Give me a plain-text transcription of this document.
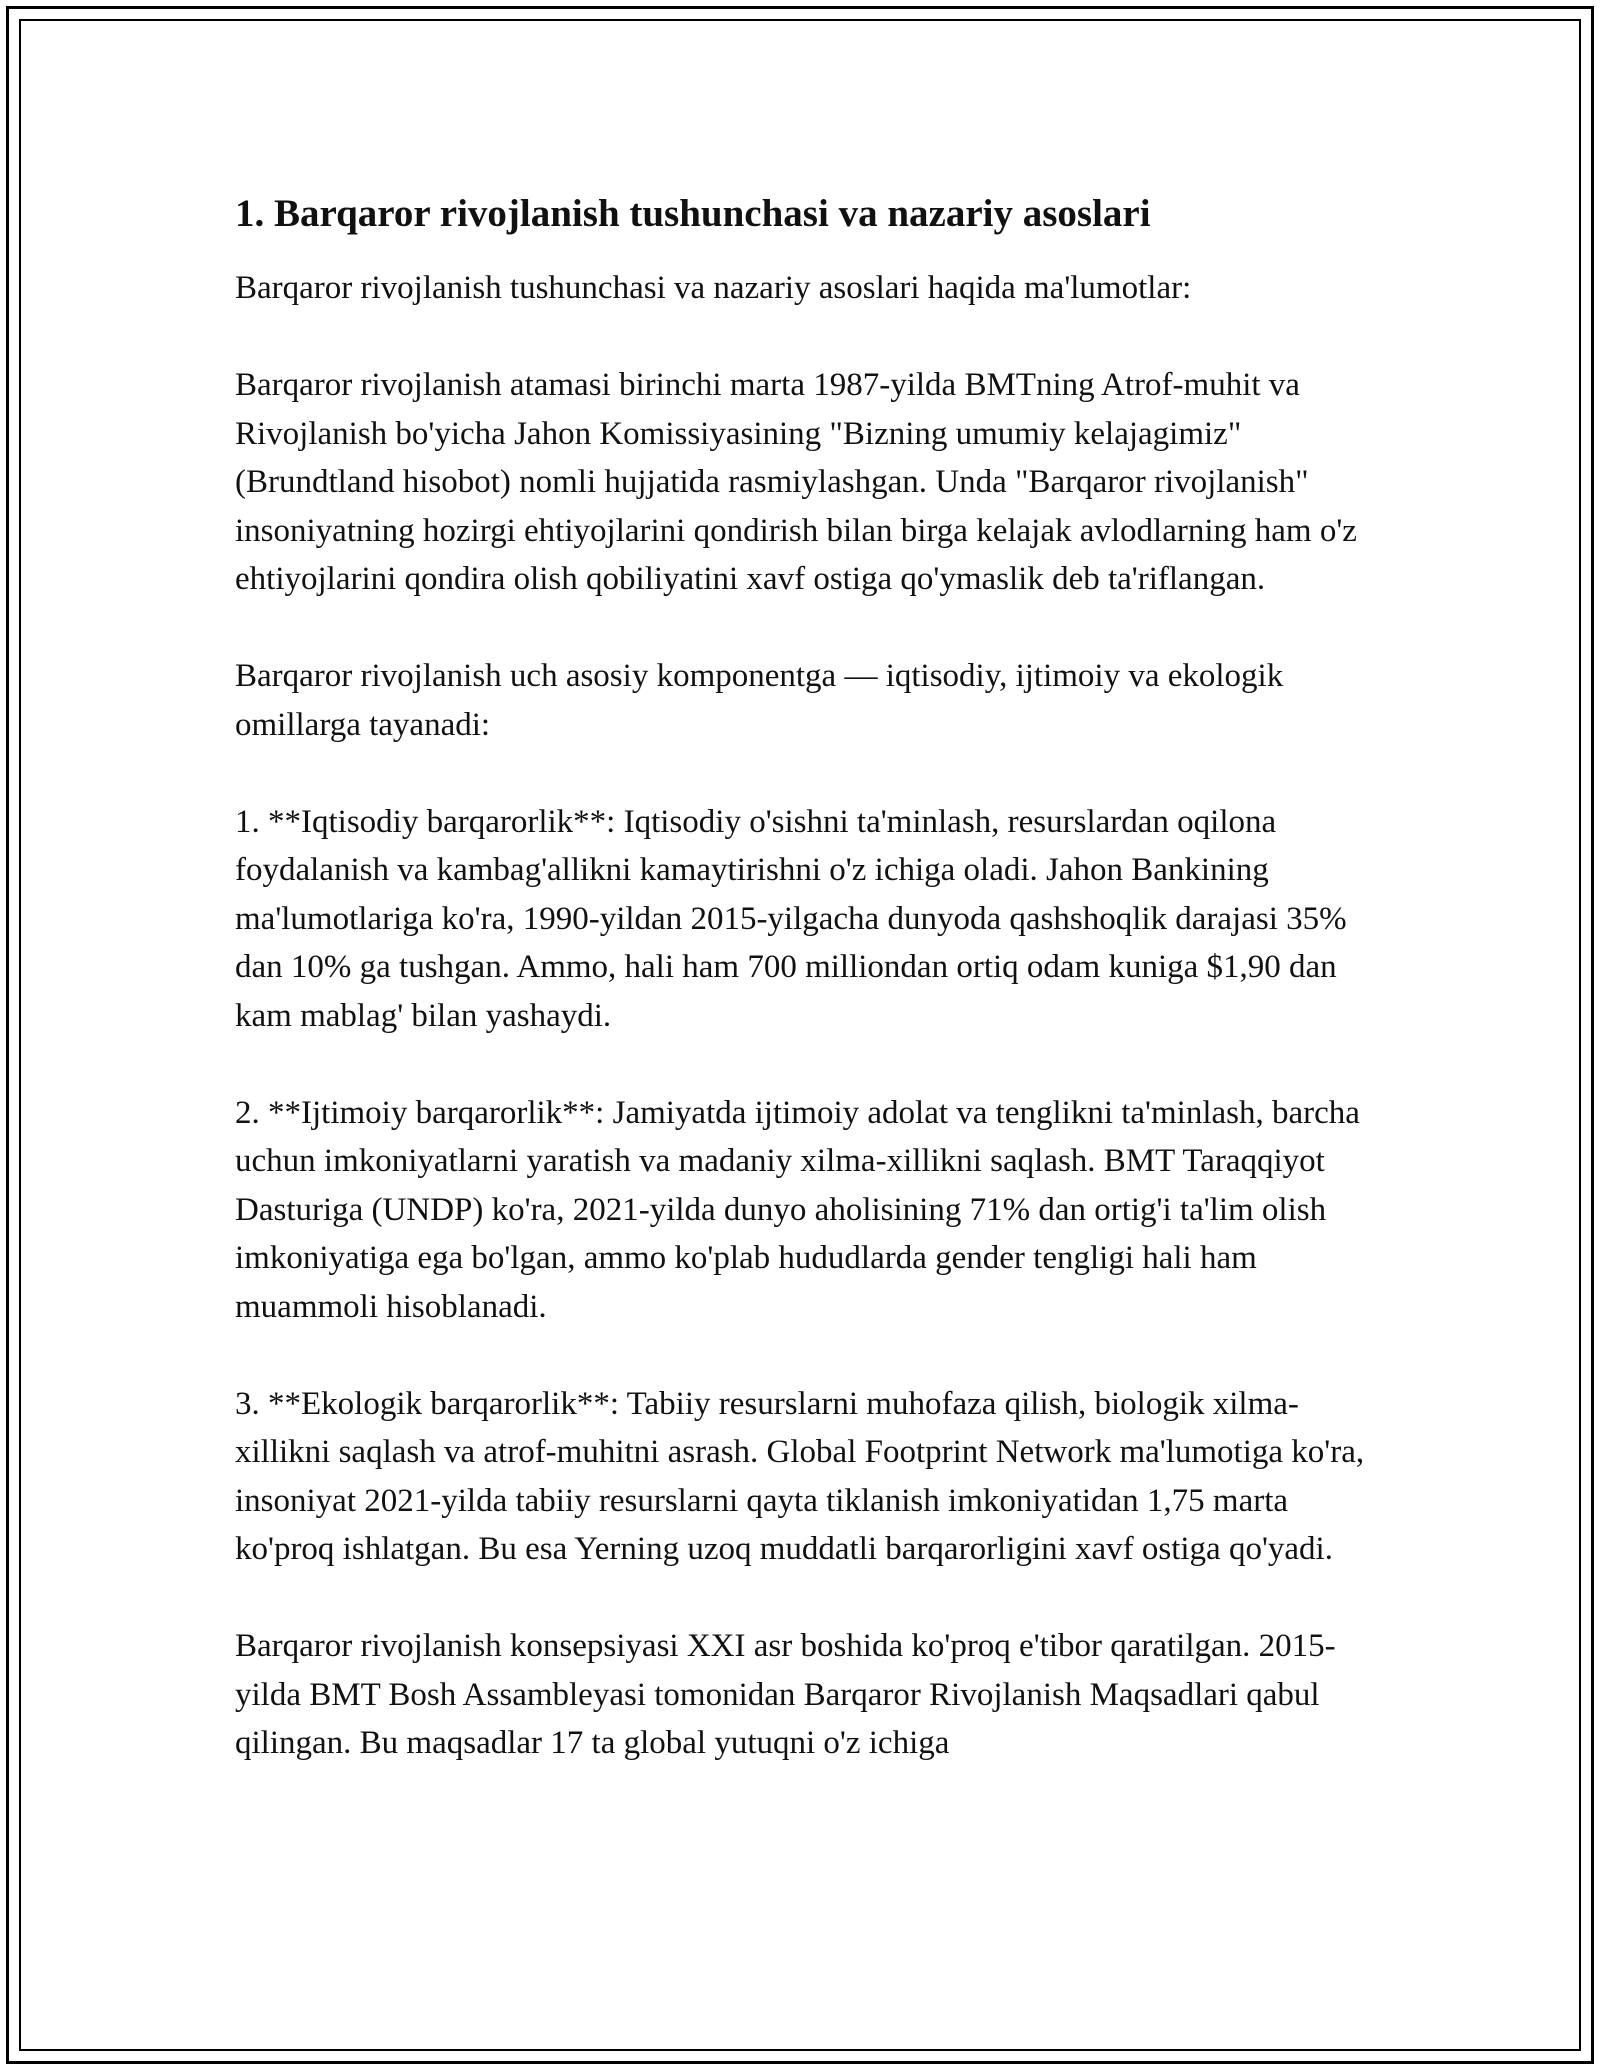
1. Barqaror rivojlanish tushunchasi va nazariy asoslari

Barqaror rivojlanish tushunchasi va nazariy asoslari haqida ma'lumotlar:

Barqaror rivojlanish atamasi birinchi marta 1987-yilda BMTning Atrof-muhit va Rivojlanish bo'yicha Jahon Komissiyasining "Bizning umumiy kelajagimiz" (Brundtland hisobot) nomli hujjatida rasmiylashgan. Unda "Barqaror rivojlanish" insoniyatning hozirgi ehtiyojlarini qondirish bilan birga kelajak avlodlarning ham o'z ehtiyojlarini qondira olish qobiliyatini xavf ostiga qo'ymaslik deb ta'riflangan.

Barqaror rivojlanish uch asosiy komponentga — iqtisodiy, ijtimoiy va ekologik omillarga tayanadi:

1. **Iqtisodiy barqarorlik**: Iqtisodiy o'sishni ta'minlash, resurslardan oqilona foydalanish va kambag'allikni kamaytirishni o'z ichiga oladi. Jahon Bankining ma'lumotlariga ko'ra, 1990-yildan 2015-yilgacha dunyoda qashshoqlik darajasi 35% dan 10% ga tushgan. Ammo, hali ham 700 milliondan ortiq odam kuniga $1,90 dan kam mablag' bilan yashaydi.

2. **Ijtimoiy barqarorlik**: Jamiyatda ijtimoiy adolat va tenglikni ta'minlash, barcha uchun imkoniyatlarni yaratish va madaniy xilma-xillikni saqlash. BMT Taraqqiyot Dasturiga (UNDP) ko'ra, 2021-yilda dunyo aholisining 71% dan ortig'i ta'lim olish imkoniyatiga ega bo'lgan, ammo ko'plab hududlarda gender tengligi hali ham muammoli hisoblanadi.

3. **Ekologik barqarorlik**: Tabiiy resurslarni muhofaza qilish, biologik xilma-xillikni saqlash va atrof-muhitni asrash. Global Footprint Network ma'lumotiga ko'ra, insoniyat 2021-yilda tabiiy resurslarni qayta tiklanish imkoniyatidan 1,75 marta ko'proq ishlatgan. Bu esa Yerning uzoq muddatli barqarorligini xavf ostiga qo'yadi.

Barqaror rivojlanish konsepsiyasi XXI asr boshida ko'proq e'tibor qaratilgan. 2015-yilda BMT Bosh Assambleyasi tomonidan Barqaror Rivojlanish Maqsadlari qabul qilingan. Bu maqsadlar 17 ta global yutuqni o'z ichiga
